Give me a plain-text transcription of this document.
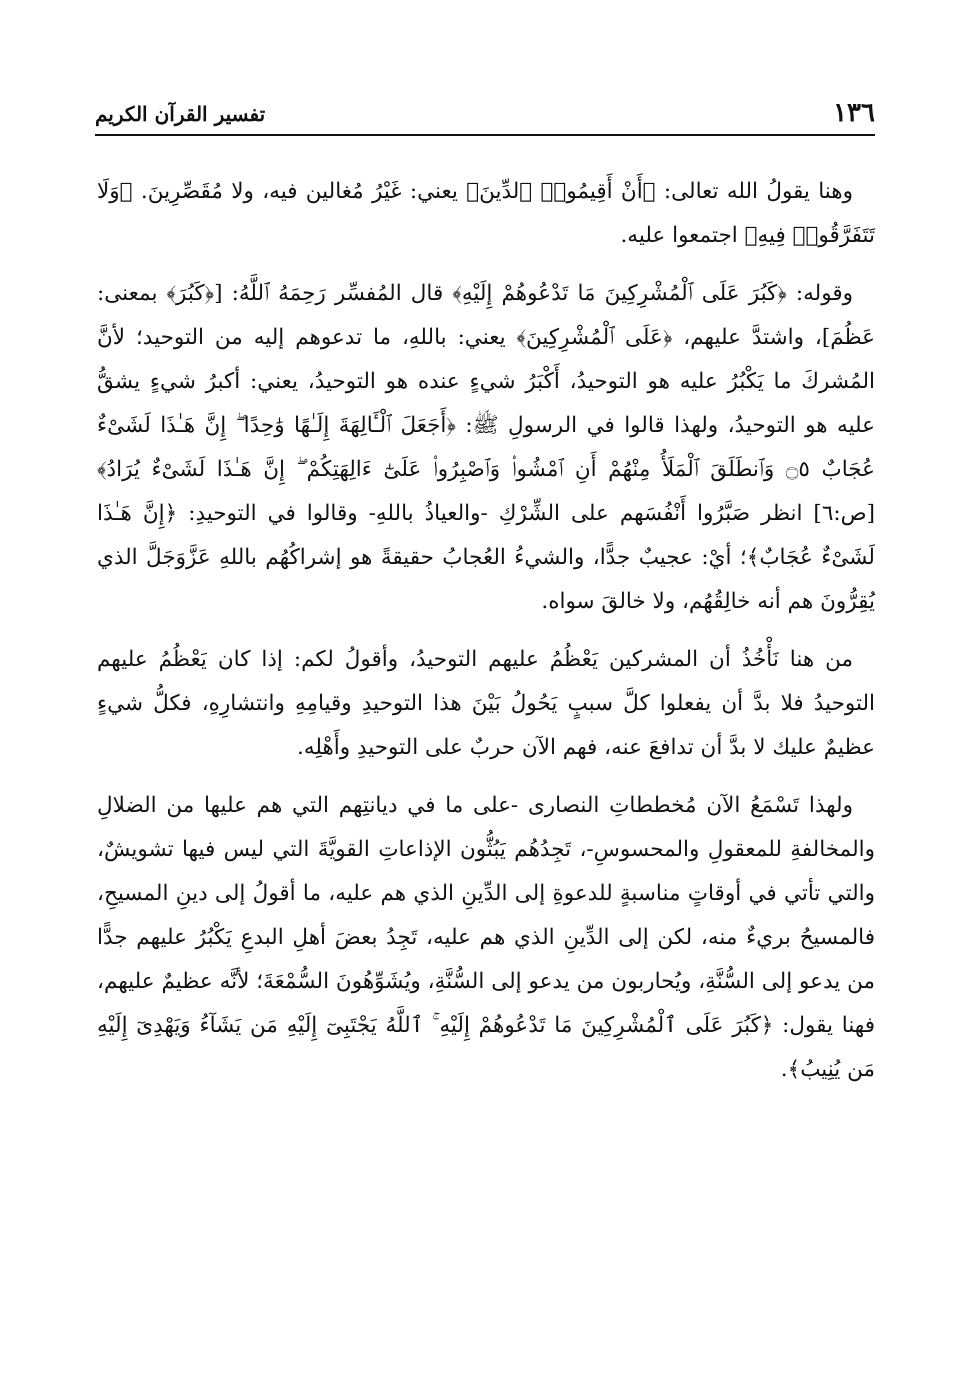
١٣٦
تفسير القرآن الكريم

وهنا يقولُ الله تعالى: ﴿أَنْ أَقِيمُوا۟ ٱلدِّينَ﴾ يعني: غَيْرُ مُغالين فيه، ولا مُقَصِّرِينَ. ﴿وَلَا تَتَفَرَّقُوا۟ فِيهِ﴾ اجتمعوا عليه.

وقوله: ﴿كَبُرَ عَلَى ٱلْمُشْرِكِينَ مَا تَدْعُوهُمْ إِلَيْهِ﴾ قال المُفسِّر رَحِمَهُ ٱللَّهُ: [﴿كَبُرَ﴾ بمعنى: عَظُمَ]، واشتدَّ عليهم، ﴿عَلَى ٱلْمُشْرِكِينَ﴾ يعني: باللهِ، ما تدعوهم إليه من التوحيد؛ لأنَّ المُشركَ ما يَكْبُرُ عليه هو التوحيدُ، أَكْبَرُ شيءٍ عنده هو التوحيدُ، يعني: أكبرُ شيءٍ يشقُّ عليه هو التوحيدُ، ولهذا قالوا في الرسولِ ﷺ: ﴿أَجَعَلَ ٱلْـَٔالِهَةَ إِلَـٰهًا وَٰحِدًا ۖ إِنَّ هَـٰذَا لَشَىْءٌ عُجَابٌ ۝٥ وَٱنطَلَقَ ٱلْمَلَأُ مِنْهُمْ أَنِ ٱمْشُوا۟ وَٱصْبِرُوا۟ عَلَىٰٓ ءَالِهَتِكُمْ ۖ إِنَّ هَـٰذَا لَشَىْءٌ يُرَادُ﴾ [ص:٦] انظر صَبَّرُوا أَنْفُسَهم على الشِّرْكِ -والعياذُ باللهِ- وقالوا في التوحيدِ: ﴿إِنَّ هَـٰذَا لَشَىْءٌ عُجَابٌ﴾؛ أيْ: عجيبٌ جدًّا، والشيءُ العُجابُ حقيقةً هو إشراكُهُم باللهِ عَزَّوَجَلَّ الذي يُقِرُّونَ هم أنه خالِقُهُم، ولا خالقَ سواه.

من هنا نَأْخُذُ أن المشركين يَعْظُمُ عليهم التوحيدُ، وأقولُ لكم: إذا كان يَعْظُمُ عليهم التوحيدُ فلا بدَّ أن يفعلوا كلَّ سببٍ يَحُولُ بَيْنَ هذا التوحيدِ وقيامِهِ وانتشارِهِ، فكلُّ شيءٍ عظيمٌ عليك لا بدَّ أن تدافعَ عنه، فهم الآن حربٌ على التوحيدِ وأَهْلِه.

ولهذا تَسْمَعُ الآن مُخططاتِ النصارى -على ما في ديانتِهم التي هم عليها من الضلالِ والمخالفةِ للمعقولِ والمحسوسِ-، تَجِدُهُم يَبُثُّون الإذاعاتِ القويَّةَ التي ليس فيها تشويشٌ، والتي تأتي في أوقاتٍ مناسبةٍ للدعوةِ إلى الدِّينِ الذي هم عليه، ما أقولُ إلى دينِ المسيحِ، فالمسيحُ بريءٌ منه، لكن إلى الدِّينِ الذي هم عليه، تَجِدُ بعضَ أهلِ البدعِ يَكْبُرُ عليهم جدًّا من يدعو إلى السُّنَّةِ، ويُحاربون من يدعو إلى السُّنَّةِ، ويُشَوِّهُونَ السُّمْعَةَ؛ لأنَّه عظيمٌ عليهم، فهنا يقول: ﴿كَبُرَ عَلَى ٱلْمُشْرِكِينَ مَا تَدْعُوهُمْ إِلَيْهِ ۚ ٱللَّهُ يَجْتَبِىٓ إِلَيْهِ مَن يَشَآءُ وَيَهْدِىٓ إِلَيْهِ مَن يُنِيبُ﴾.
